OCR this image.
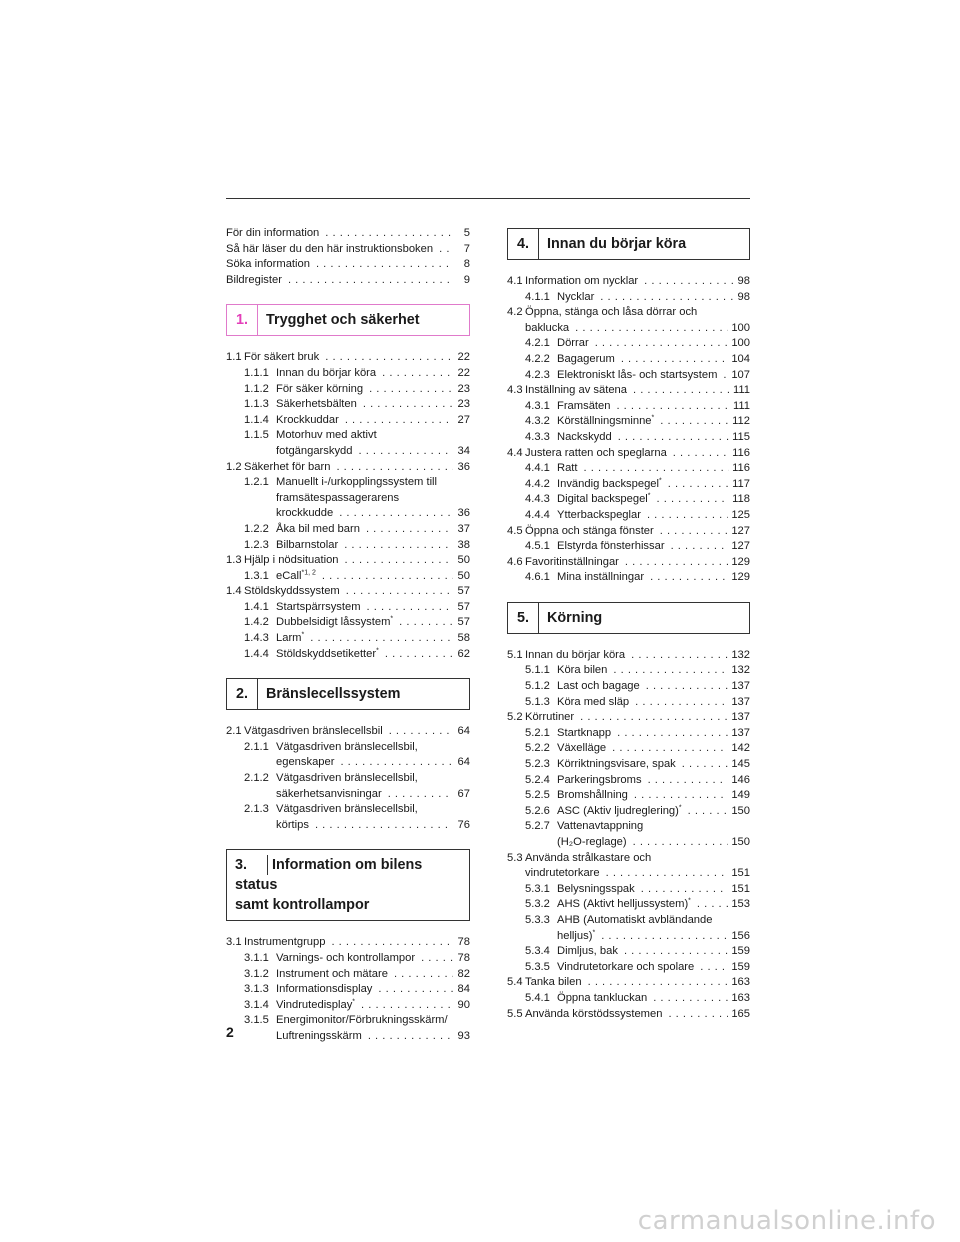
För din information . . .	5
Så här läser du den här instruktionsboken . . .	7
Söka information . . .	8
Bildregister . . .	9
1.	Trygghet och säkerhet
1.1 För säkert bruk . . .	22
1.1.1 Innan du börjar köra . . .	22
1.1.2 För säker körning . . .	23
1.1.3 Säkerhetsbälten . . .	23
1.1.4 Krockkuddar . . .	27
1.1.5 Motorhuv med aktivt
fotgängarskydd . . .	34
1.2 Säkerhet för barn . . .	36
1.2.1 Manuellt i-/urkopplingssystem till
framsätespassagerarens
krockkudde . . .	36
1.2.2 Åka bil med barn . . .	37
1.2.3 Bilbarnstolar . . .	38
1.3 Hjälp i nödsituation . . .	50
1.3.1 eCall$^{*1, 2}$ . . .	50
1.4 Stöldskyddssystem . . .	57
1.4.1 Startspärrsystem . . .	57
1.4.2 Dubbelsidigt låssystem* . . .	57
1.4.3 Larm* . . .	58
1.4.4 Stöldskyddsetiketter* . . .	62
2.	Bränslecellssystem
2.1 Vätgasdriven bränslecellsbil . . .	64
2.1.1 Vätgasdriven bränslecellsbil,
egenskaper . . .	64
2.1.2 Vätgasdriven bränslecellsbil,
säkerhetsanvisningar . . .	67
2.1.3 Vätgasdriven bränslecellsbil,
körtips . . .	76
3. Information om bilens status
samt kontrollampor
3.1 Instrumentgrupp . . .	78
3.1.1 Varnings- och kontrollampor . . .	78
3.1.2 Instrument och mätare . . .	82
3.1.3 Informationsdisplay . . .	84
3.1.4 Vindrutedisplay* . . .	90
3.1.5 Energimonitor/Förbrukningsskärm/
Luftreningsskärm . . .	93
4.	Innan du börjar köra
4.1 Information om nycklar . . .	98
4.1.1 Nycklar . . .	98
4.2 Öppna, stänga och låsa dörrar och
baklucka . . .	100
4.2.1 Dörrar . . .	100
4.2.2 Bagagerum . . .	104
4.2.3 Elektroniskt lås- och startsystem . . . 107
4.3 Inställning av sätena . . .	111
4.3.1 Framsäten . . .	111
4.3.2 Körställningsminne* . . .	112
4.3.3 Nackskydd . . .	115
4.4 Justera ratten och speglarna . . .	116
4.4.1 Ratt . . .	116
4.4.2 Invändig backspegel* . . .	117
4.4.3 Digital backspegel* . . .	118
4.4.4 Ytterbackspeglar . . .	125
4.5 Öppna och stänga fönster . . .	127
4.5.1 Elstyrda fönsterhissar . . .	127
4.6 Favoritinställningar . . .	129
4.6.1 Mina inställningar . . .	129
5.	Körning
5.1 Innan du börjar köra . . .	132
5.1.1 Köra bilen . . .	132
5.1.2 Last och bagage . . .	137
5.1.3 Köra med släp . . .	137
5.2 Körrutiner . . .	137
5.2.1 Startknapp . . .	137
5.2.2 Växelläge . . .	142
5.2.3 Körriktningsvisare, spak . . .	145
5.2.4 Parkeringsbroms . . .	146
5.2.5 Bromshållning . . .	149
5.2.6 ASC (Aktiv ljudreglering)* . . .	150
5.2.7 Vattenavtappning
(H₂O-reglage) . . .	150
5.3 Använda strålkastare och
vindrutetorkare . . .	151
5.3.1 Belysningsspak . . .	151
5.3.2 AHS (Aktivt helljussystem)* . . .	153
5.3.3 AHB (Automatiskt avbländande
helljus)* . . .	156
5.3.4 Dimljus, bak . . .	159
5.3.5 Vindrutetorkare och spolare . . .	159
5.4 Tanka bilen . . .	163
5.4.1 Öppna tankluckan . . .	163
5.5 Använda körstödssystemen . . .	165
2
carmanualsonline.info
